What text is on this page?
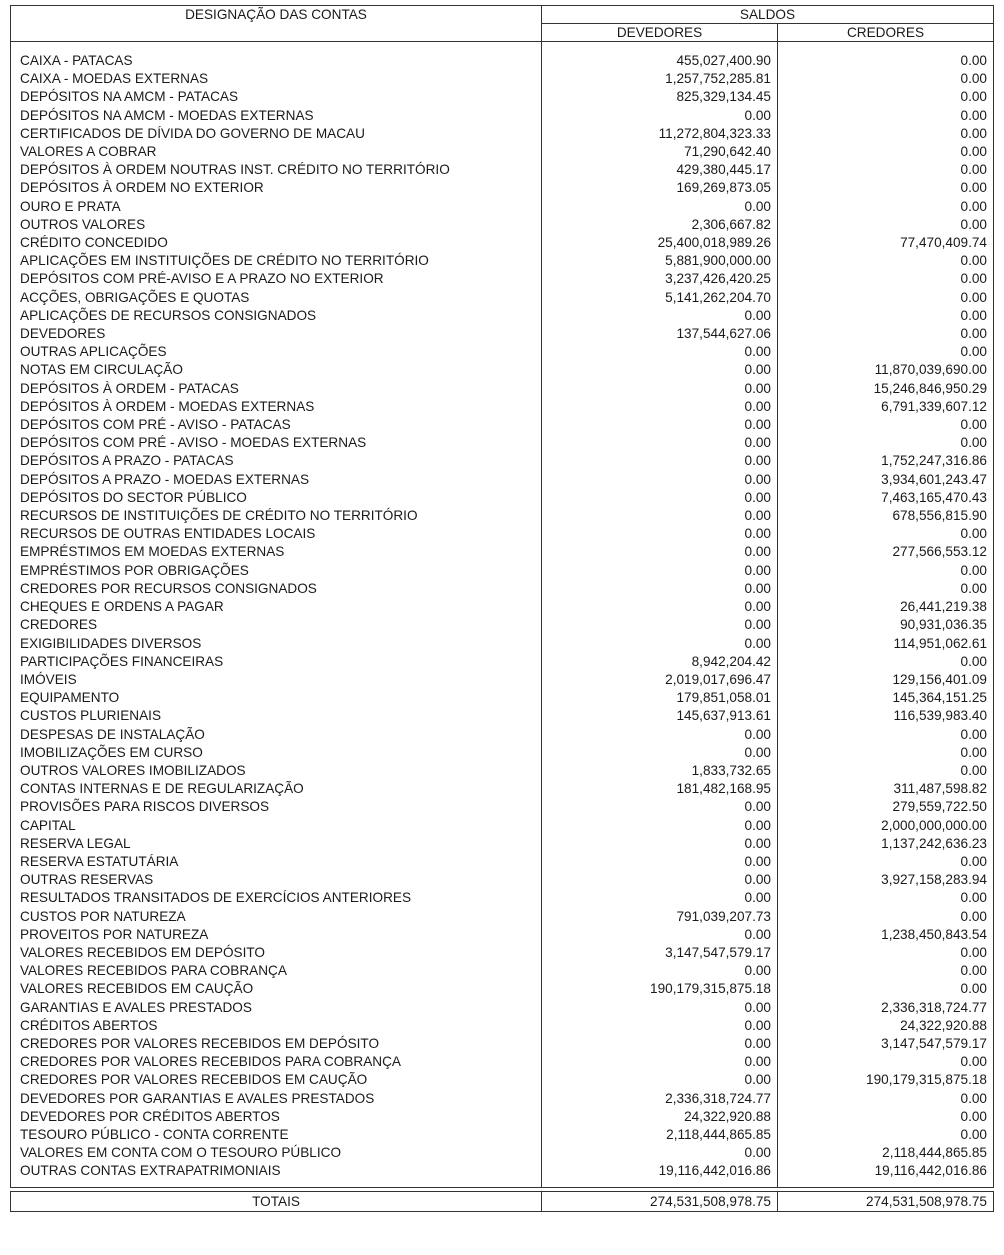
DESIGNAÇÃO DAS CONTAS	SALDOS	
	DEVEDORES	CREDORES

CAIXA - PATACAS	455,027,400.90	0.00
CAIXA - MOEDAS EXTERNAS	1,257,752,285.81	0.00
DEPÓSITOS NA AMCM - PATACAS	825,329,134.45	0.00
DEPÓSITOS NA AMCM - MOEDAS EXTERNAS	0.00	0.00
CERTIFICADOS DE DÍVIDA DO GOVERNO DE MACAU	11,272,804,323.33	0.00
VALORES A COBRAR	71,290,642.40	0.00
DEPÓSITOS À ORDEM NOUTRAS INST. CRÉDITO NO TERRITÓRIO	429,380,445.17	0.00
DEPÓSITOS À ORDEM NO EXTERIOR	169,269,873.05	0.00
OURO E PRATA	0.00	0.00
OUTROS VALORES	2,306,667.82	0.00
CRÉDITO CONCEDIDO	25,400,018,989.26	77,470,409.74
APLICAÇÕES EM INSTITUIÇÕES DE CRÉDITO NO TERRITÓRIO	5,881,900,000.00	0.00
DEPÓSITOS COM PRÉ-AVISO E A PRAZO NO EXTERIOR	3,237,426,420.25	0.00
ACÇÕES, OBRIGAÇÕES E QUOTAS	5,141,262,204.70	0.00
APLICAÇÕES DE RECURSOS CONSIGNADOS	0.00	0.00
DEVEDORES	137,544,627.06	0.00
OUTRAS APLICAÇÕES	0.00	0.00
NOTAS EM CIRCULAÇÃO	0.00	11,870,039,690.00
DEPÓSITOS À ORDEM - PATACAS	0.00	15,246,846,950.29
DEPÓSITOS À ORDEM - MOEDAS EXTERNAS	0.00	6,791,339,607.12
DEPÓSITOS COM PRÉ - AVISO - PATACAS	0.00	0.00
DEPÓSITOS COM PRÉ - AVISO - MOEDAS EXTERNAS	0.00	0.00
DEPÓSITOS A PRAZO - PATACAS	0.00	1,752,247,316.86
DEPÓSITOS A PRAZO - MOEDAS EXTERNAS	0.00	3,934,601,243.47
DEPÓSITOS DO SECTOR PÚBLICO	0.00	7,463,165,470.43
RECURSOS DE INSTITUIÇÕES DE CRÉDITO NO TERRITÓRIO	0.00	678,556,815.90
RECURSOS DE OUTRAS ENTIDADES LOCAIS	0.00	0.00
EMPRÉSTIMOS EM MOEDAS EXTERNAS	0.00	277,566,553.12
EMPRÉSTIMOS POR OBRIGAÇÕES	0.00	0.00
CREDORES POR RECURSOS CONSIGNADOS	0.00	0.00
CHEQUES E ORDENS A PAGAR	0.00	26,441,219.38
CREDORES	0.00	90,931,036.35
EXIGIBILIDADES DIVERSOS	0.00	114,951,062.61
PARTICIPAÇÕES FINANCEIRAS	8,942,204.42	0.00
IMÓVEIS	2,019,017,696.47	129,156,401.09
EQUIPAMENTO	179,851,058.01	145,364,151.25
CUSTOS PLURIENAIS	145,637,913.61	116,539,983.40
DESPESAS DE INSTALAÇÃO	0.00	0.00
IMOBILIZAÇÕES EM CURSO	0.00	0.00
OUTROS VALORES IMOBILIZADOS	1,833,732.65	0.00
CONTAS INTERNAS E DE REGULARIZAÇÃO	181,482,168.95	311,487,598.82
PROVISÕES PARA RISCOS DIVERSOS	0.00	279,559,722.50
CAPITAL	0.00	2,000,000,000.00
RESERVA LEGAL	0.00	1,137,242,636.23
RESERVA ESTATUTÁRIA	0.00	0.00
OUTRAS RESERVAS	0.00	3,927,158,283.94
RESULTADOS TRANSITADOS DE EXERCÍCIOS ANTERIORES	0.00	0.00
CUSTOS POR NATUREZA	791,039,207.73	0.00
PROVEITOS POR NATUREZA	0.00	1,238,450,843.54
VALORES RECEBIDOS EM DEPÓSITO	3,147,547,579.17	0.00
VALORES RECEBIDOS PARA COBRANÇA	0.00	0.00
VALORES RECEBIDOS EM CAUÇÃO	190,179,315,875.18	0.00
GARANTIAS E AVALES PRESTADOS	0.00	2,336,318,724.77
CRÉDITOS ABERTOS	0.00	24,322,920.88
CREDORES POR VALORES RECEBIDOS EM DEPÓSITO	0.00	3,147,547,579.17
CREDORES POR VALORES RECEBIDOS PARA COBRANÇA	0.00	0.00
CREDORES POR VALORES RECEBIDOS EM CAUÇÃO	0.00	190,179,315,875.18
DEVEDORES POR GARANTIAS E AVALES PRESTADOS	2,336,318,724.77	0.00
DEVEDORES POR CRÉDITOS ABERTOS	24,322,920.88	0.00
TESOURO PÚBLICO - CONTA CORRENTE	2,118,444,865.85	0.00
VALORES EM CONTA COM O TESOURO PÚBLICO	0.00	2,118,444,865.85
OUTRAS CONTAS EXTRAPATRIMONIAIS	19,116,442,016.86	19,116,442,016.86

TOTAIS	274,531,508,978.75	274,531,508,978.75
